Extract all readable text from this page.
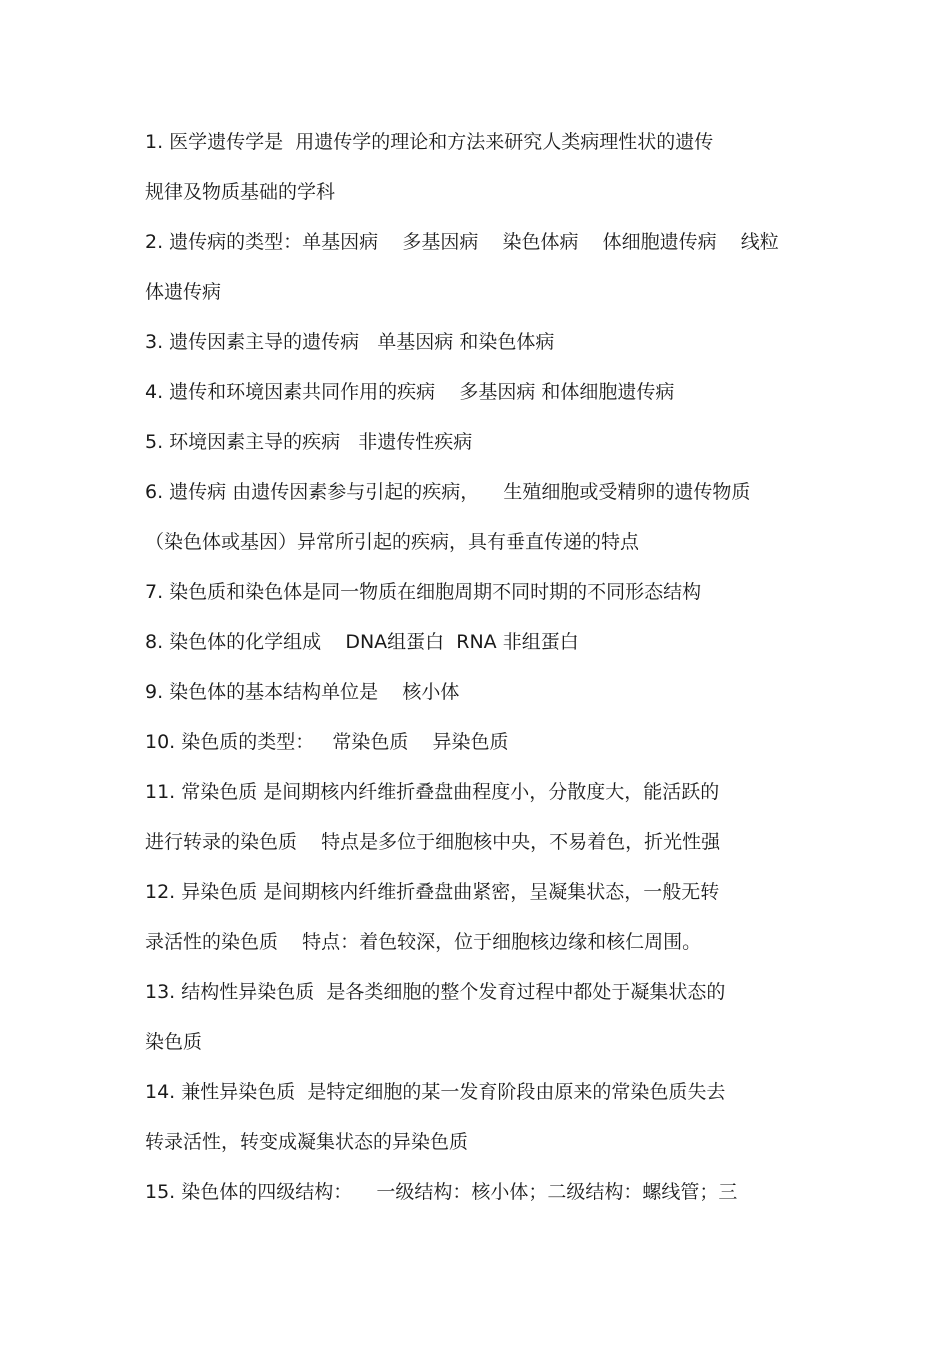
1. 医学遗传学是  用遗传学的理论和方法来研究人类病理性状的遗传
规律及物质基础的学科
2. 遗传病的类型：单基因病    多基因病    染色体病    体细胞遗传病    线粒
体遗传病
3. 遗传因素主导的遗传病   单基因病 和染色体病
4. 遗传和环境因素共同作用的疾病    多基因病 和体细胞遗传病
5. 环境因素主导的疾病   非遗传性疾病
6. 遗传病 由遗传因素参与引起的疾病，    生殖细胞或受精卵的遗传物质
（染色体或基因）异常所引起的疾病，具有垂直传递的特点
7. 染色质和染色体是同一物质在细胞周期不同时期的不同形态结构
8. 染色体的化学组成    DNA组蛋白  RNA 非组蛋白
9. 染色体的基本结构单位是    核小体
10. 染色质的类型：   常染色质    异染色质
11. 常染色质 是间期核内纤维折叠盘曲程度小，分散度大，能活跃的
进行转录的染色质    特点是多位于细胞核中央，不易着色，折光性强
12. 异染色质 是间期核内纤维折叠盘曲紧密，呈凝集状态，一般无转
录活性的染色质    特点：着色较深，位于细胞核边缘和核仁周围。
13. 结构性异染色质  是各类细胞的整个发育过程中都处于凝集状态的
染色质
14. 兼性异染色质  是特定细胞的某一发育阶段由原来的常染色质失去
转录活性，转变成凝集状态的异染色质
15. 染色体的四级结构：    一级结构：核小体；二级结构：螺线管；三
